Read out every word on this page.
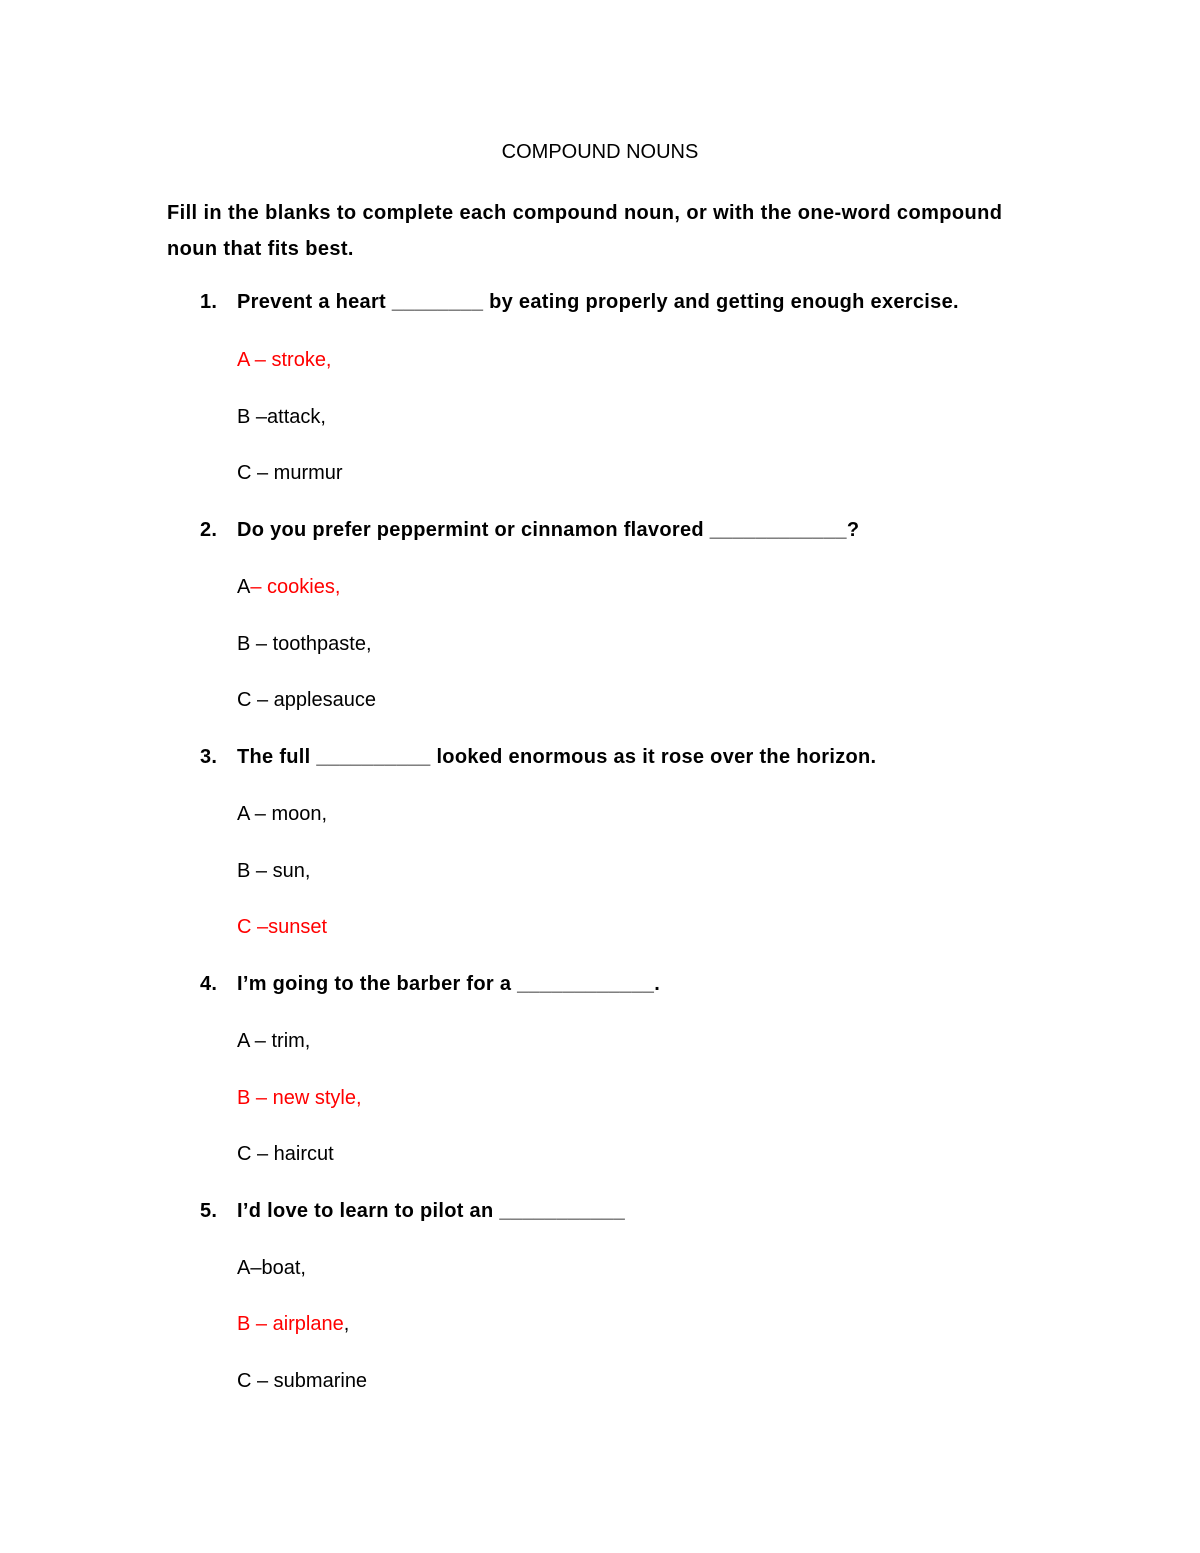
COMPOUND NOUNS
Fill in the blanks to complete each compound noun, or with the one-word compound noun that fits best.
1. Prevent a heart ________ by eating properly and getting enough exercise.
A – stroke,
B –attack,
C – murmur
2. Do you prefer peppermint or cinnamon flavored ____________?
A– cookies,
B – toothpaste,
C – applesauce
3. The full __________ looked enormous as it rose over the horizon.
A – moon,
B – sun,
C –sunset
4. I’m going to the barber for a ____________.
A – trim,
B – new style,
C – haircut
5. I’d love to learn to pilot an ___________
A–boat,
B – airplane,
C – submarine
